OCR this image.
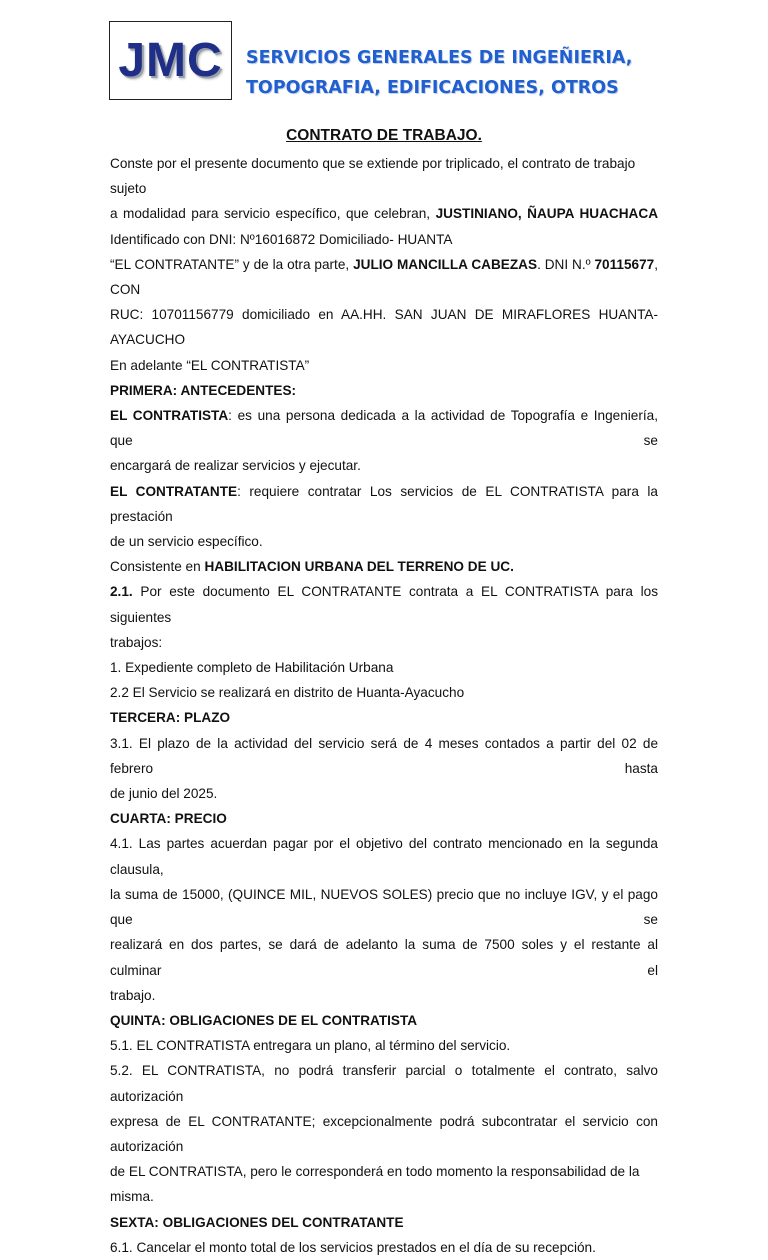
JMC SERVICIOS GENERALES DE INGEÑIERIA,
TOPOGRAFIA, EDIFICACIONES, OTROS
CONTRATO DE TRABAJO.

Conste por el presente documento que se extiende por triplicado, el contrato de trabajo sujeto

a modalidad para servicio específico, que celebran, JUSTINIANO, ÑAUPA HUACHACA

Identificado con DNI: Nº16016872 Domiciliado- HUANTA

“EL CONTRATANTE” y de la otra parte, JULIO MANCILLA CABEZAS. DNI N.º 70115677, CON

RUC: 10701156779 domiciliado en AA.HH. SAN JUAN DE MIRAFLORES HUANTA-AYACUCHO

En adelante “EL CONTRATISTA”

PRIMERA: ANTECEDENTES:

EL CONTRATISTA: es una persona dedicada a la actividad de Topografía e Ingeniería, que se

encargará de realizar servicios y ejecutar.

EL CONTRATANTE: requiere contratar Los servicios de EL CONTRATISTA para la prestación

de un servicio específico.

Consistente en HABILITACION URBANA DEL TERRENO DE UC.

2.1. Por este documento EL CONTRATANTE contrata a EL CONTRATISTA para los siguientes

trabajos:

1. Expediente completo de Habilitación Urbana

2.2 El Servicio se realizará en distrito de Huanta-Ayacucho

TERCERA: PLAZO

3.1. El plazo de la actividad del servicio será de 4 meses contados a partir del 02 de febrero hasta

de junio del 2025.

CUARTA: PRECIO

4.1. Las partes acuerdan pagar por el objetivo del contrato mencionado en la segunda clausula,

la suma de 15000, (QUINCE MIL, NUEVOS SOLES) precio que no incluye IGV, y el pago que se

realizará en dos partes, se dará de adelanto la suma de 7500 soles y el restante al culminar el

trabajo.

QUINTA: OBLIGACIONES DE EL CONTRATISTA

5.1. EL CONTRATISTA entregara un plano, al término del servicio.

5.2. EL CONTRATISTA, no podrá transferir parcial o totalmente el contrato, salvo autorización

expresa de EL CONTRATANTE; excepcionalmente podrá subcontratar el servicio con autorización

de EL CONTRATISTA, pero le corresponderá en todo momento la responsabilidad de la misma.

SEXTA: OBLIGACIONES DEL CONTRATANTE

6.1. Cancelar el monto total de los servicios prestados en el día de su recepción.
